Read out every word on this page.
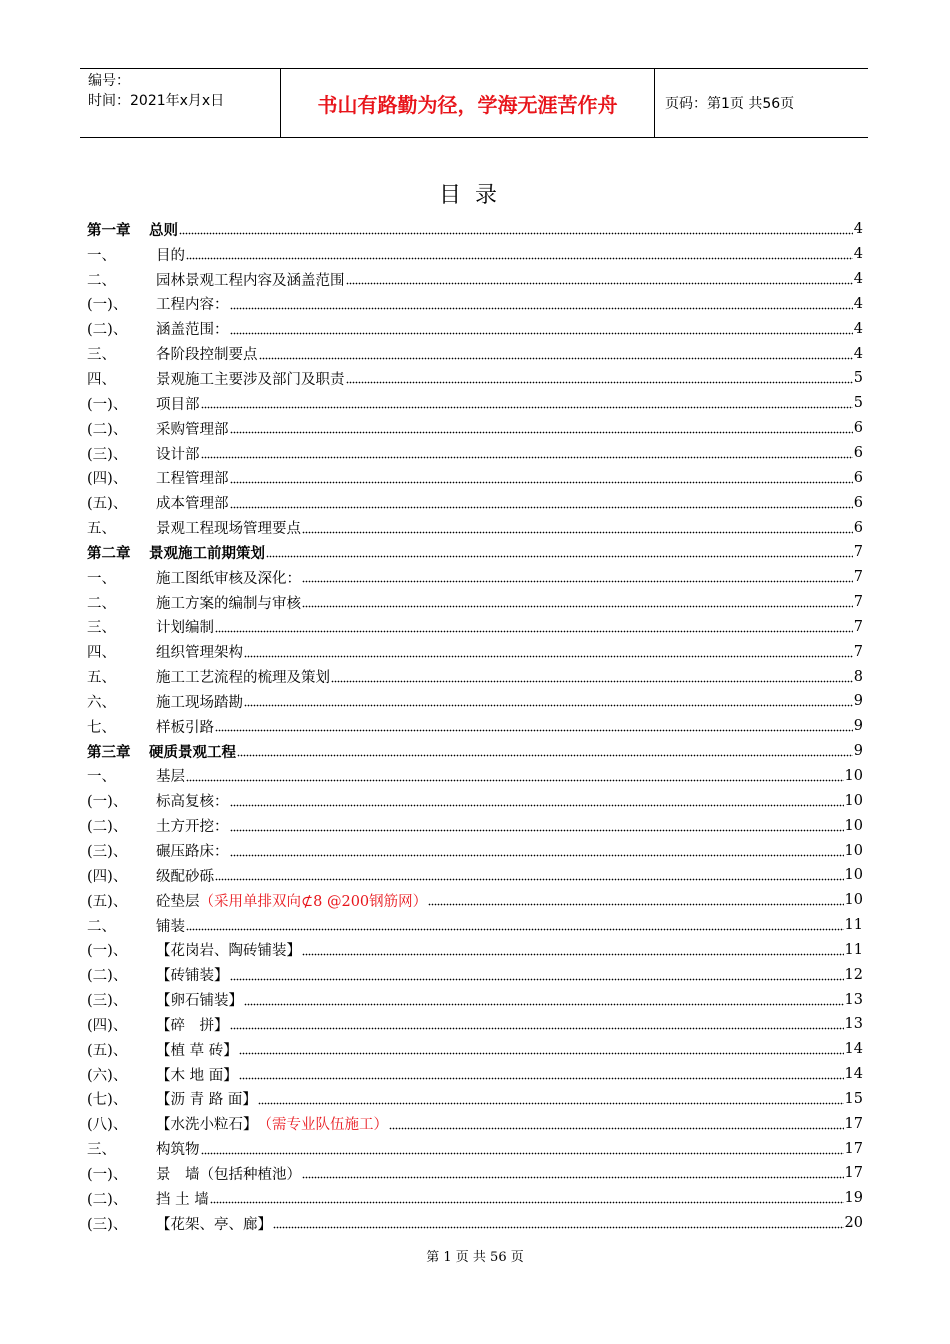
编号：
时间：2021年x月x日	书山有路勤为径，学海无涯苦作舟	页码：第1页 共56页
目录
第一章	总则	4
一、	目的	4
二、	园林景观工程内容及涵盖范围	4
(一)、	工程内容：	4
(二)、	涵盖范围：	4
三、	各阶段控制要点	4
四、	景观施工主要涉及部门及职责	5
(一)、	项目部	5
(二)、	采购管理部	6
(三)、	设计部	6
(四)、	工程管理部	6
(五)、	成本管理部	6
五、	景观工程现场管理要点	6
第二章	景观施工前期策划	7
一、	施工图纸审核及深化：	7
二、	施工方案的编制与审核	7
三、	计划编制	7
四、	组织管理架构	7
五、	施工工艺流程的梳理及策划	8
六、	施工现场踏勘	9
七、	样板引路	9
第三章	硬质景观工程	9
一、	基层	10
(一)、	标高复核：	10
(二)、	土方开挖：	10
(三)、	碾压路床：	10
(四)、	级配砂砾	10
(五)、	砼垫层 （采用单排双向⊄8 @200钢筋网）	10
二、	铺装	11
(一)、	【花岗岩、陶砖铺装】	11
(二)、	【砖铺装】	12
(三)、	【卵石铺装】	13
(四)、	【碎　拼】	13
(五)、	【植 草 砖】	14
(六)、	【木 地 面】	14
(七)、	【沥 青 路 面】	15
(八)、	【水洗小粒石】 （需专业队伍施工）	17
三、	构筑物	17
(一)、	景　墙（包括种植池）	17
(二)、	挡 土 墙	19
(三)、	【花架、亭、廊】	20
第 1 页 共 56 页
